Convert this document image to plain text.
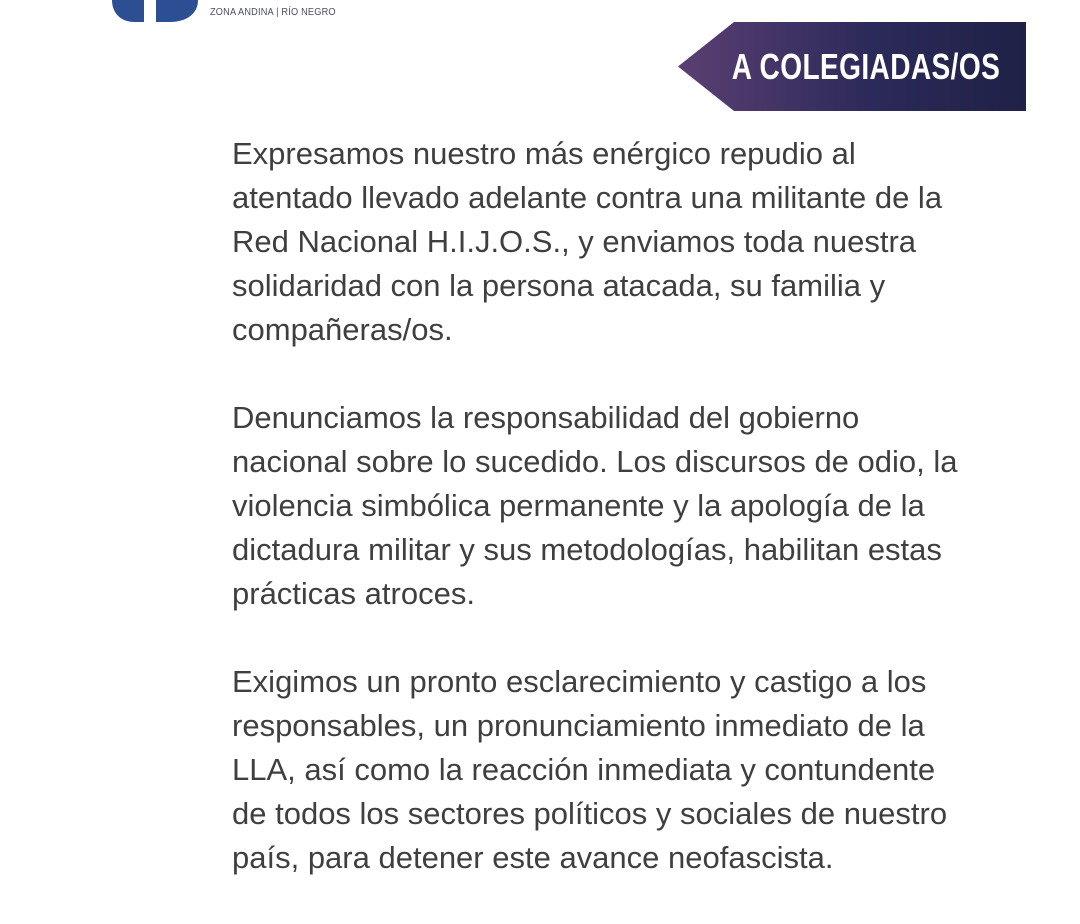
ZONA ANDINA | RÍO NEGRO
A COLEGIADAS/OS

Expresamos nuestro más enérgico repudio al
atentado llevado adelante contra una militante de la
Red Nacional H.I.J.O.S., y enviamos toda nuestra
solidaridad con la persona atacada, su familia y
compañeras/os.

Denunciamos la responsabilidad del gobierno
nacional sobre lo sucedido. Los discursos de odio, la
violencia simbólica permanente y la apología de la
dictadura militar y sus metodologías, habilitan estas
prácticas atroces.

Exigimos un pronto esclarecimiento y castigo a los
responsables, un pronunciamiento inmediato de la
LLA, así como la reacción inmediata y contundente
de todos los sectores políticos y sociales de nuestro
país, para detener este avance neofascista.
